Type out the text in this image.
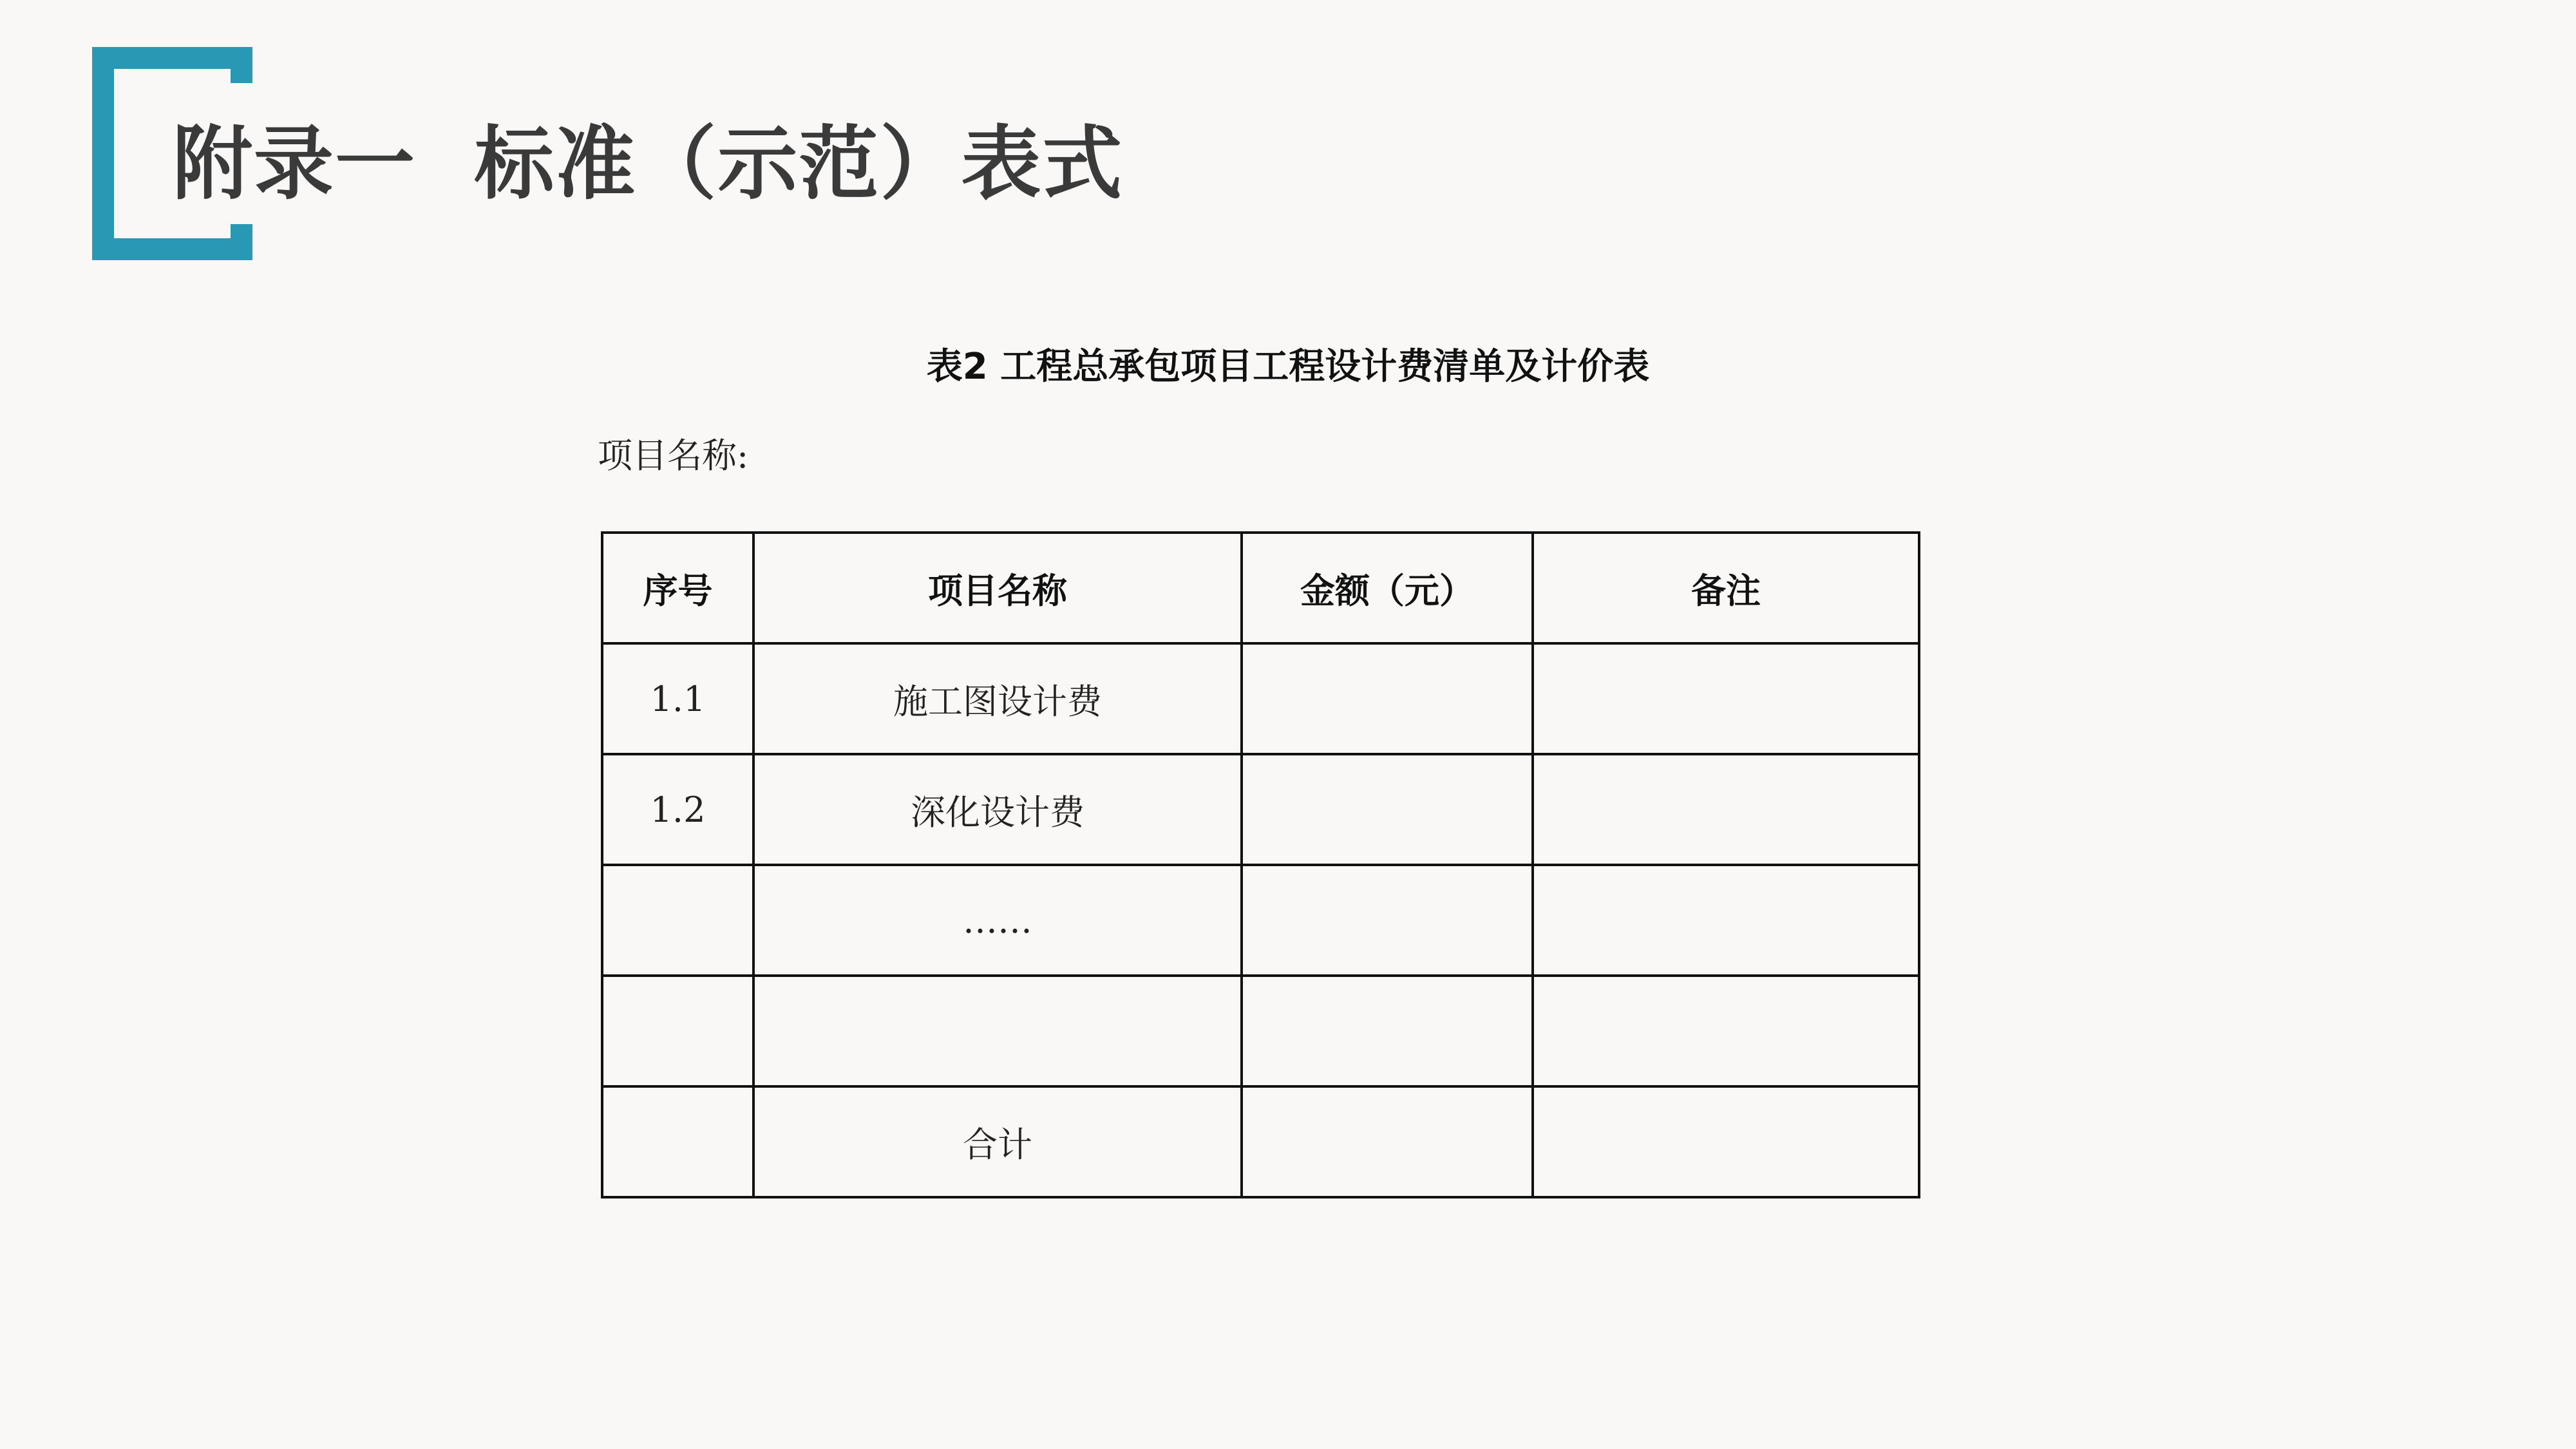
附录一  标准（示范）表式
表2 工程总承包项目工程设计费清单及计价表
项目名称:
序号	项目名称	金额（元）	备注
1.1	施工图设计费		
1.2	深化设计费		
	……		

	合计		
